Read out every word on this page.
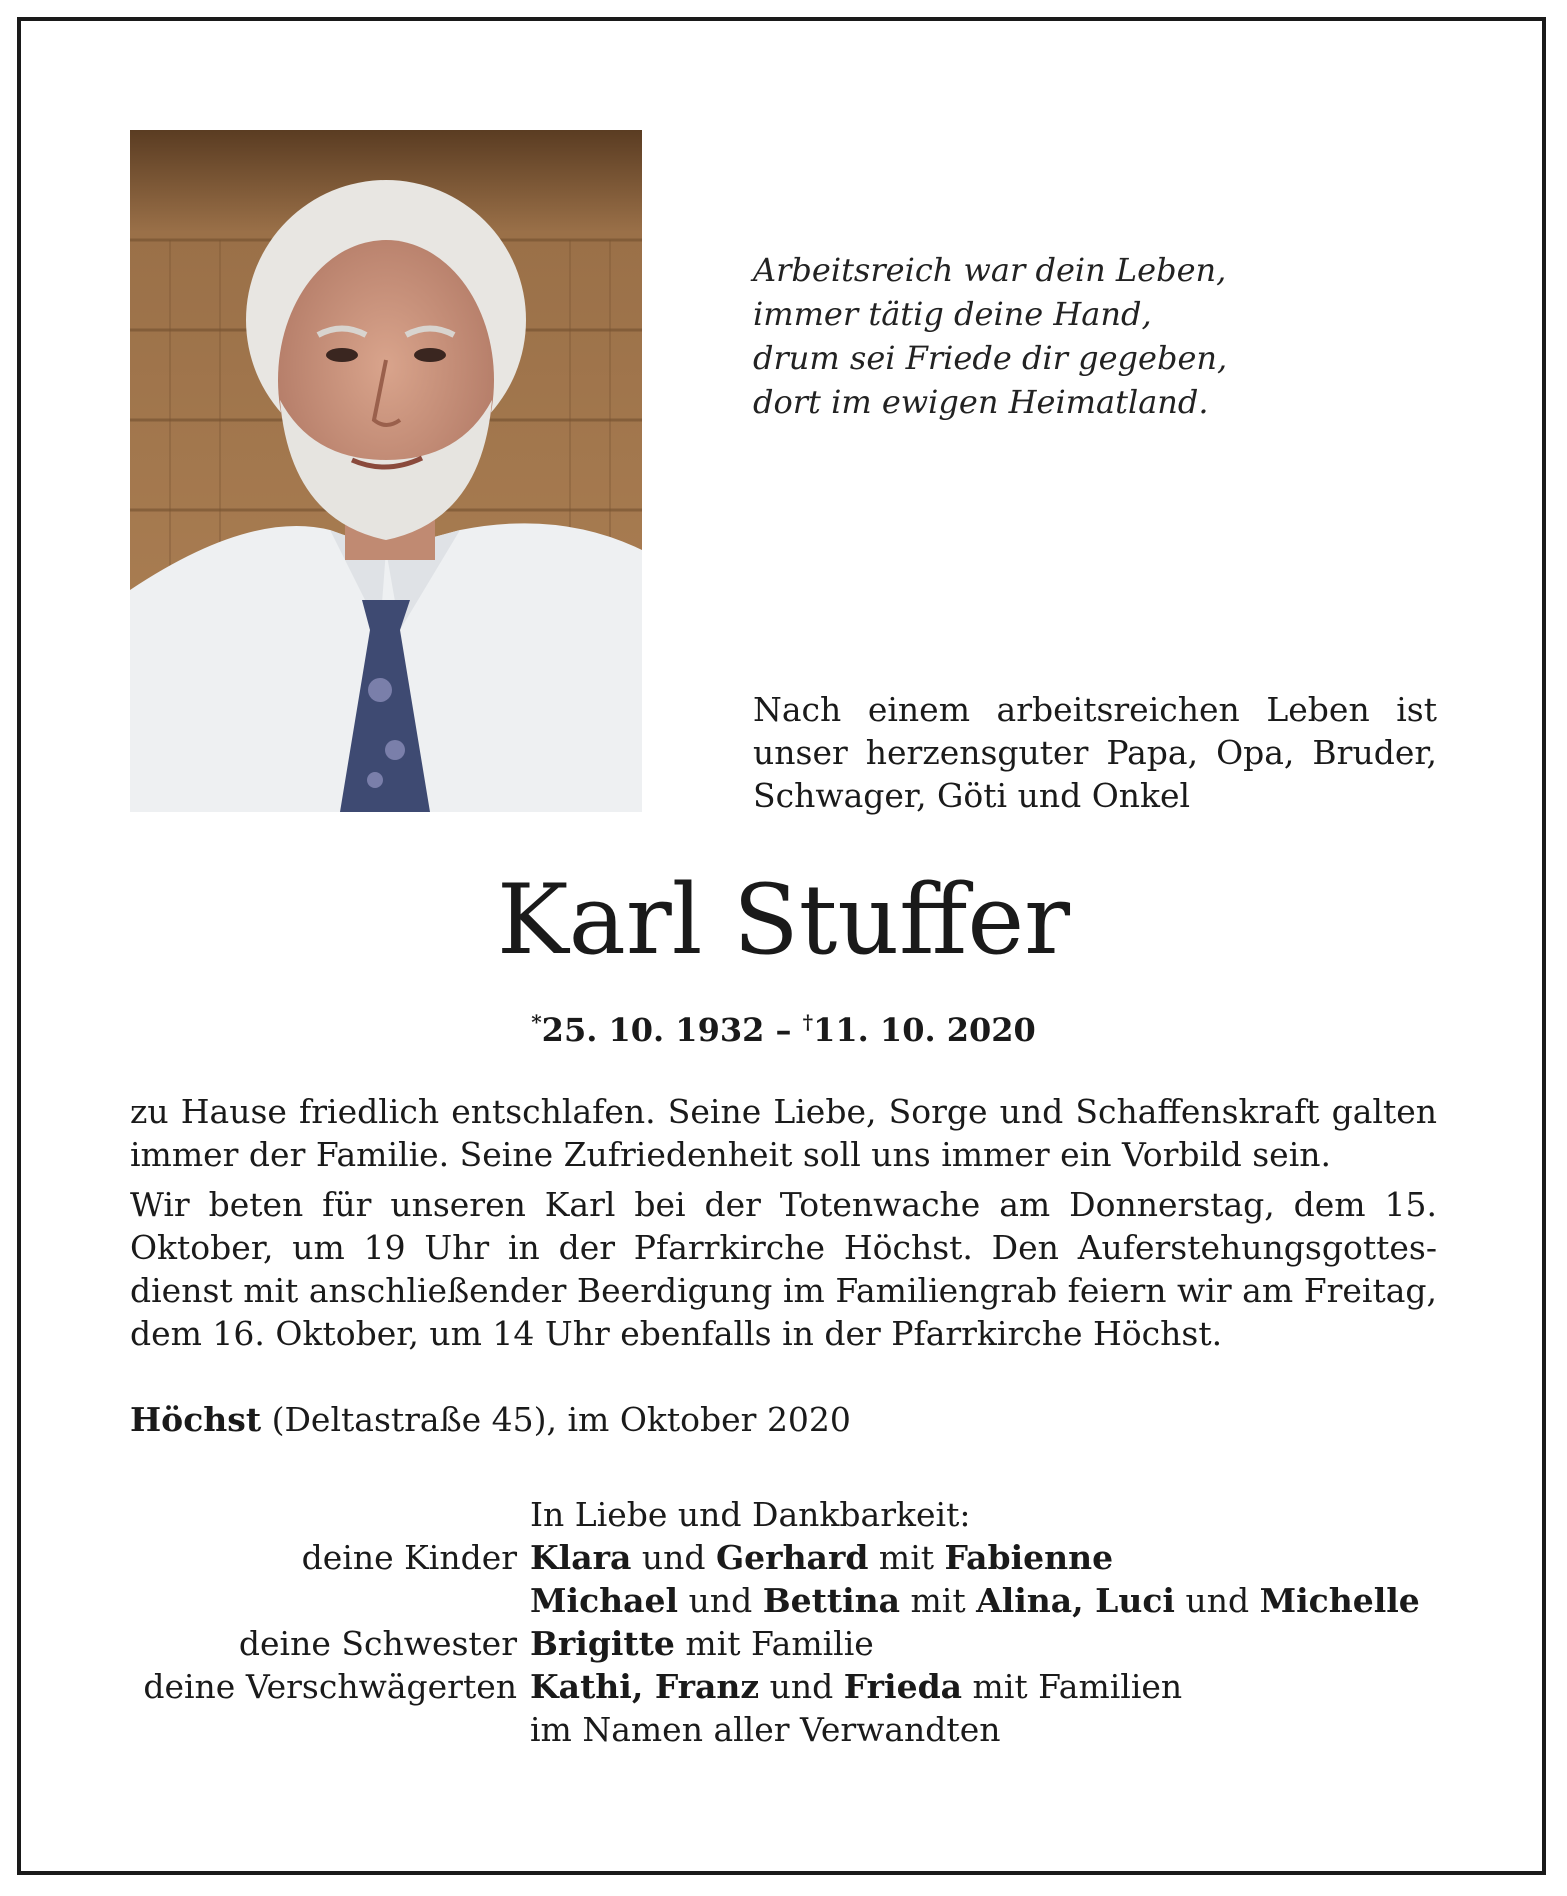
Arbeitsreich war dein Leben,
immer tätig deine Hand,
drum sei Friede dir gegeben,
dort im ewigen Heimatland.
Nach einem arbeitsreichen Leben ist unser herzensguter Papa, Opa, Bruder, Schwager, Göti und Onkel
Karl Stuffer
*25. 10. 1932 – †11. 10. 2020
zu Hause friedlich entschlafen. Seine Liebe, Sorge und Schaffenskraft galten immer der Familie. Seine Zufriedenheit soll uns immer ein Vorbild sein.
Wir beten für unseren Karl bei der Totenwache am Donnerstag, dem 15. Oktober, um 19 Uhr in der Pfarrkirche Höchst. Den Auferstehungsgottesdienst mit anschließender Beerdigung im Familiengrab feiern wir am Freitag, dem 16. Oktober, um 14 Uhr ebenfalls in der Pfarrkirche Höchst.
Höchst (Deltastraße 45), im Oktober 2020
In Liebe und Dankbarkeit:
deine Kinder Klara und Gerhard mit Fabienne
Michael und Bettina mit Alina, Luci und Michelle
deine Schwester Brigitte mit Familie
deine Verschwägerten Kathi, Franz und Frieda mit Familien
im Namen aller Verwandten
